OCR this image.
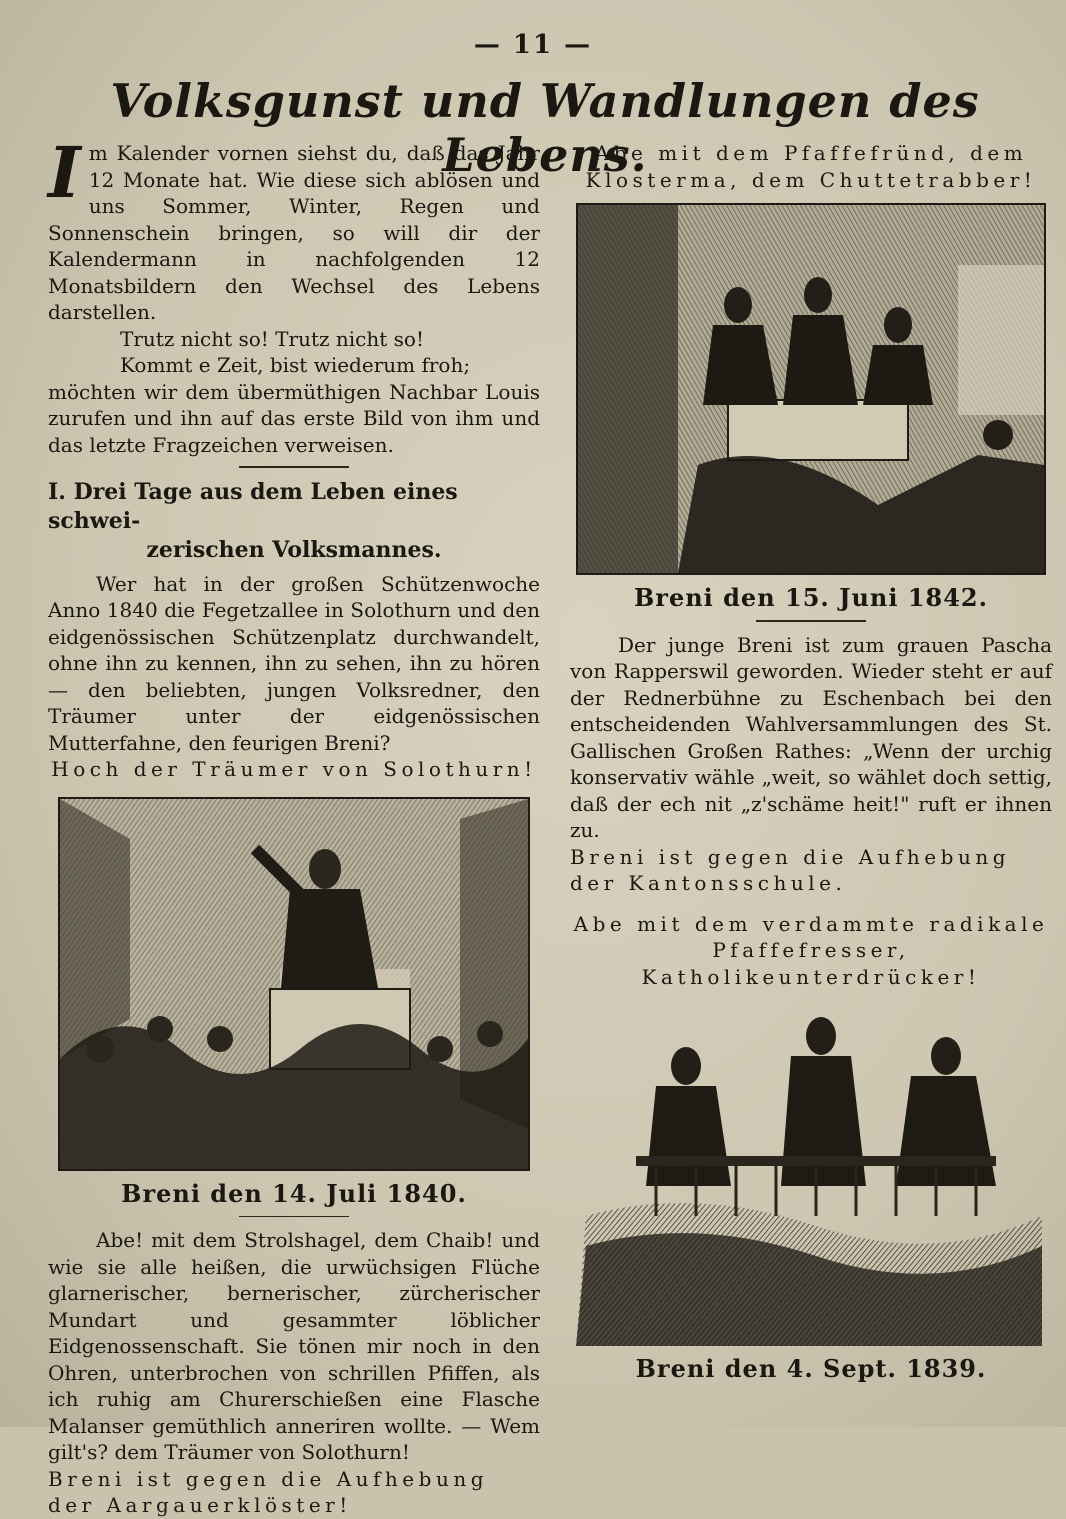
— 11 —
Volksgunst und Wandlungen des Lebens.

Im Kalender vornen siehst du, daß das Jahr 12 Monate hat. Wie diese sich ablösen und uns Sommer, Winter, Regen und Sonnenschein bringen, so will dir der Kalendermann in nachfolgenden 12 Monatsbildern den Wechsel des Lebens darstellen.

Trutz nicht so! Trutz nicht so!

Kommt e Zeit, bist wiederum froh;

möchten wir dem übermüthigen Nachbar Louis zurufen und ihn auf das erste Bild von ihm und das letzte Fragzeichen verweisen.

I. Drei Tage aus dem Leben eines schwei-
zerischen Volksmannes.

Wer hat in der großen Schützenwoche Anno 1840 die Fegetzallee in Solothurn und den eidgenössischen Schützenplatz durchwandelt, ohne ihn zu kennen, ihn zu sehen, ihn zu hören — den beliebten, jungen Volksredner, den Träumer unter der eidgenössischen Mutterfahne, den feurigen Breni?

Hoch der Träumer von Solothurn!

Breni den 14. Juli 1840.

Abe! mit dem Strolshagel, dem Chaib! und wie sie alle heißen, die urwüchsigen Flüche glarnerischer, bernerischer, zürcherischer Mundart und gesammter löblicher Eidgenossenschaft. Sie tönen mir noch in den Ohren, unterbrochen von schrillen Pfiffen, als ich ruhig am Churerschießen eine Flasche Malanser gemüthlich anneriren wollte. — Wem gilt's? dem Träumer von Solothurn!

Breni ist gegen die Aufhebung der Aargauerklöster!

Abe mit dem Pfaffefründ, dem Klosterma, dem Chuttetrabber!

Breni den 15. Juni 1842.

Der junge Breni ist zum grauen Pascha von Rapperswil geworden. Wieder steht er auf der Rednerbühne zu Eschenbach bei den entscheidenden Wahlversammlungen des St. Gallischen Großen Rathes: „Wenn der urchig konservativ wähle „weit, so wählet doch settig, daß der ech nit „z'schäme heit!" ruft er ihnen zu.

Breni ist gegen die Aufhebung der Kantonsschule.

Abe mit dem verdammte radikale Pfaffefresser, Katholikeunterdrücker!

Breni den 4. Sept. 1839.
